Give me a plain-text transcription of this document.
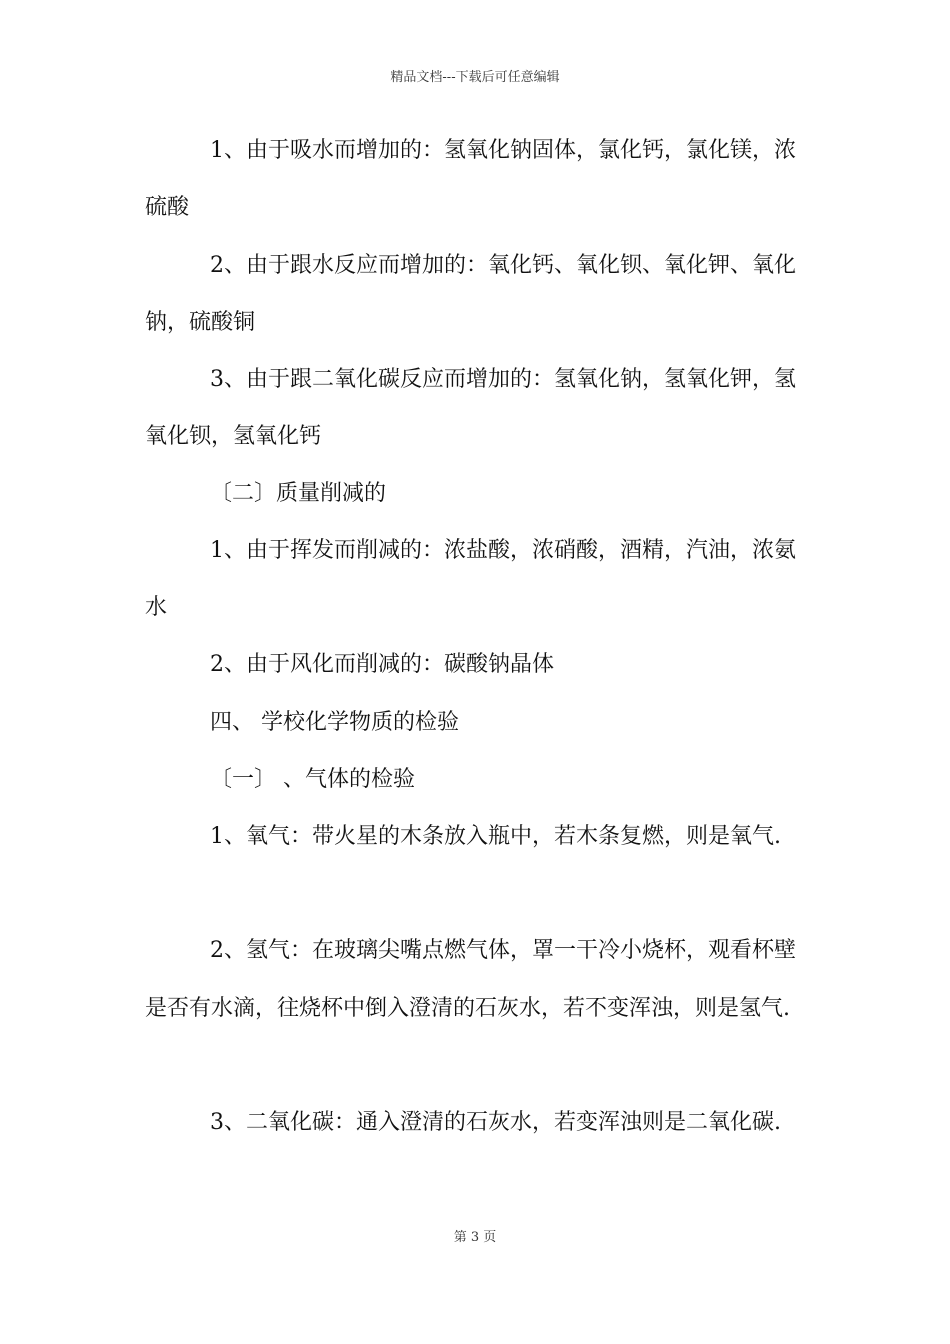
精品文档---下载后可任意编辑

1、由于吸水而增加的：氢氧化钠固体，氯化钙，氯化镁，浓

硫酸

2、由于跟水反应而增加的：氧化钙、氧化钡、氧化钾、氧化

钠，硫酸铜

3、由于跟二氧化碳反应而增加的：氢氧化钠，氢氧化钾，氢

氧化钡，氢氧化钙

〔二〕质量削减的

1、由于挥发而削减的：浓盐酸，浓硝酸，酒精，汽油，浓氨

水

2、由于风化而削减的：碳酸钠晶体

四、 学校化学物质的检验

〔一〕 、气体的检验

1、氧气：带火星的木条放入瓶中，若木条复燃，则是氧气.

2、氢气：在玻璃尖嘴点燃气体，罩一干冷小烧杯，观看杯壁

是否有水滴，往烧杯中倒入澄清的石灰水，若不变浑浊，则是氢气.

3、二氧化碳：通入澄清的石灰水，若变浑浊则是二氧化碳.

第 3 页
